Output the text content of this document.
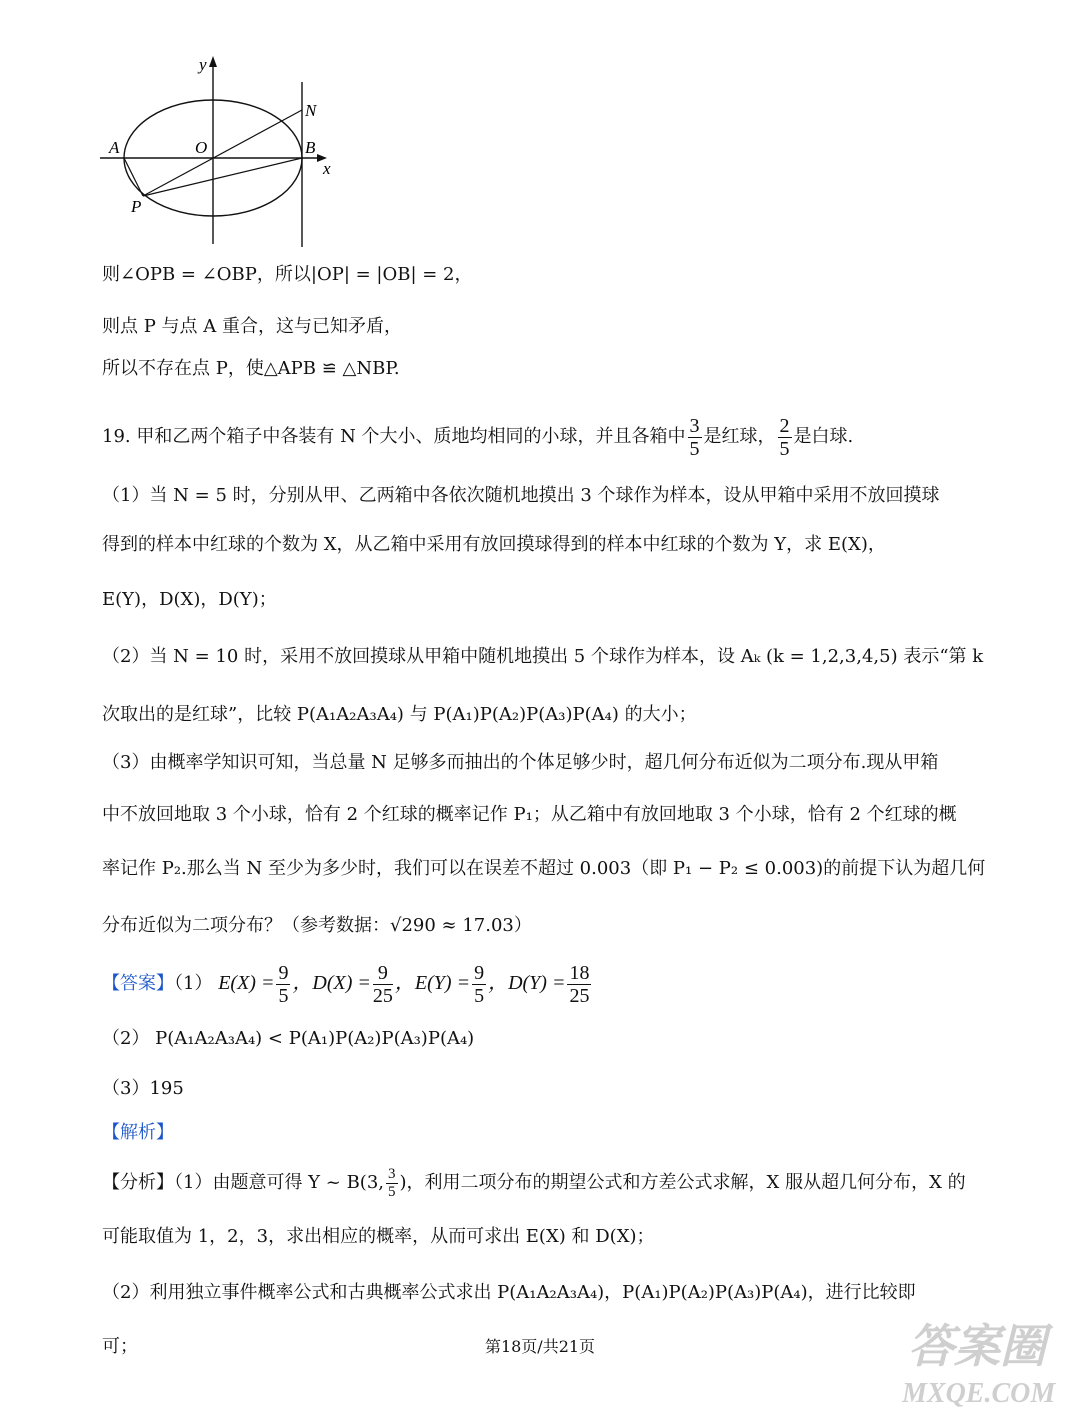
y
x
O
A	B
N
P
则∠OPB = ∠OBP，所以|OP| = |OB| = 2，
则点 P 与点 A 重合，这与已知矛盾，
所以不存在点 P，使△APB ≌ △NBP.
19. 甲和乙两个箱子中各装有 N 个大小、质地均相同的小球，并且各箱中 $\frac{3}{5}$ 是红球， $\frac{2}{5}$ 是白球.
（1）当 N = 5 时，分别从甲、乙两箱中各依次随机地摸出 3 个球作为样本，设从甲箱中采用不放回摸球
得到的样本中红球的个数为 X，从乙箱中采用有放回摸球得到的样本中红球的个数为 Y，求 E(X)，
E(Y)，D(X)，D(Y)；
（2）当 N = 10 时，采用不放回摸球从甲箱中随机地摸出 5 个球作为样本，设 Aₖ (k = 1,2,3,4,5) 表示“第 k
次取出的是红球”，比较 P(A₁A₂A₃A₄) 与 P(A₁)P(A₂)P(A₃)P(A₄) 的大小；
（3）由概率学知识可知，当总量 N 足够多而抽出的个体足够少时，超几何分布近似为二项分布.现从甲箱
中不放回地取 3 个小球，恰有 2 个红球的概率记作 P₁；从乙箱中有放回地取 3 个小球，恰有 2 个红球的概
率记作 P₂.那么当 N 至少为多少时，我们可以在误差不超过 0.003（即 P₁ − P₂ ≤ 0.003)的前提下认为超几何
分布近似为二项分布？（参考数据：√290 ≈ 17.03）
【答案】（1） $E(X) = \frac{9}{5}$ ，$D(X) = \frac{9}{25}$ ，$E(Y) = \frac{9}{5}$ ，$D(Y) = \frac{18}{25}$
（2） P(A₁A₂A₃A₄) < P(A₁)P(A₂)P(A₃)P(A₄)
（3）195
【解析】
【分析】（1）由题意可得 Y ~ B(3, $\frac{3}{5}$ )，利用二项分布的期望公式和方差公式求解，X 服从超几何分布，X 的
可能取值为 1，2，3，求出相应的概率，从而可求出 E(X) 和 D(X)；
（2）利用独立事件概率公式和古典概率公式求出 P(A₁A₂A₃A₄)，P(A₁)P(A₂)P(A₃)P(A₄)，进行比较即
可；	第18页/共21页	答案圈
MXQE.COM
